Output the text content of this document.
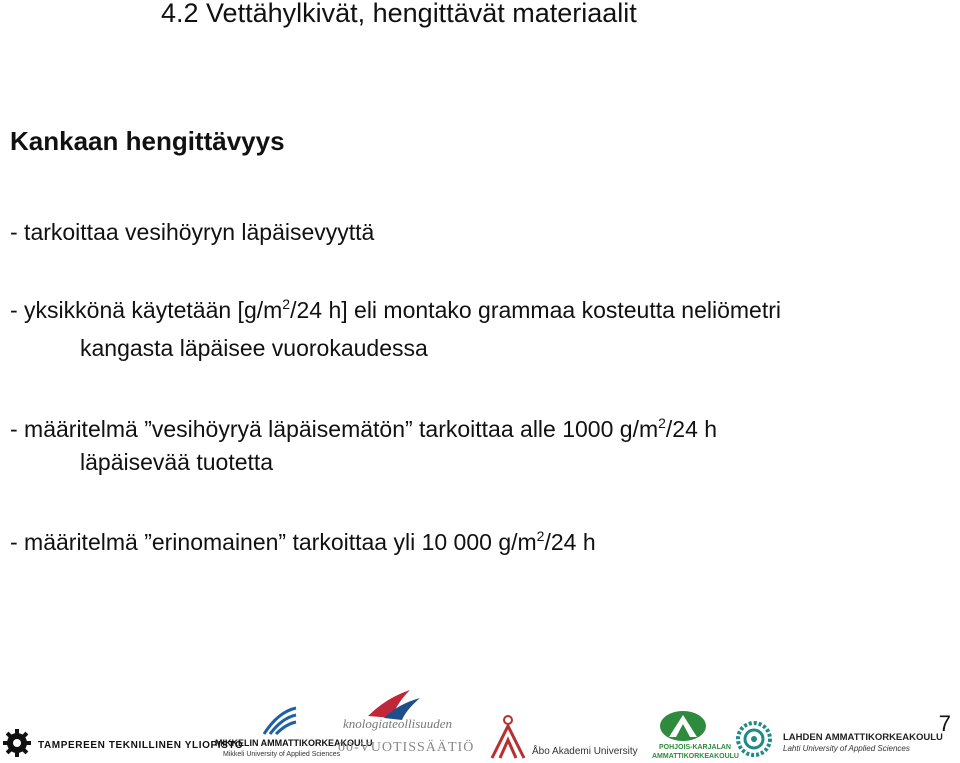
4.2 Vettähylkivät, hengittävät materiaalit
Kankaan hengittävyys
- tarkoittaa vesihöyryn läpäisevyyttä
- yksikkönä käytetään [$g/m^2/24$ h] eli montako grammaa kosteutta neliömetri
kangasta läpäisee vuorokaudessa
- määritelmä ”vesihöyryä läpäisemätön” tarkoittaa alle 1000 $g/m^2/24$ h
läpäisevää tuotetta
- määritelmä ”erinomainen” tarkoittaa yli 10 000 $g/m^2/24$ h
7
TAMPEREEN TEKNILLINEN YLIOPISTO
MIKKELIN AMMATTIKORKEAKOULU
Mikkeli University of Applied Sciences
knologiateollisuuden
00-VUOTISSÄÄTIÖ	Åbo Akademi University	POHJOIS-KARJALAN
AMMATTIKORKEAKOULU
LAHDEN AMMATTIKORKEAKOULU
Lahti University of Applied Sciences
